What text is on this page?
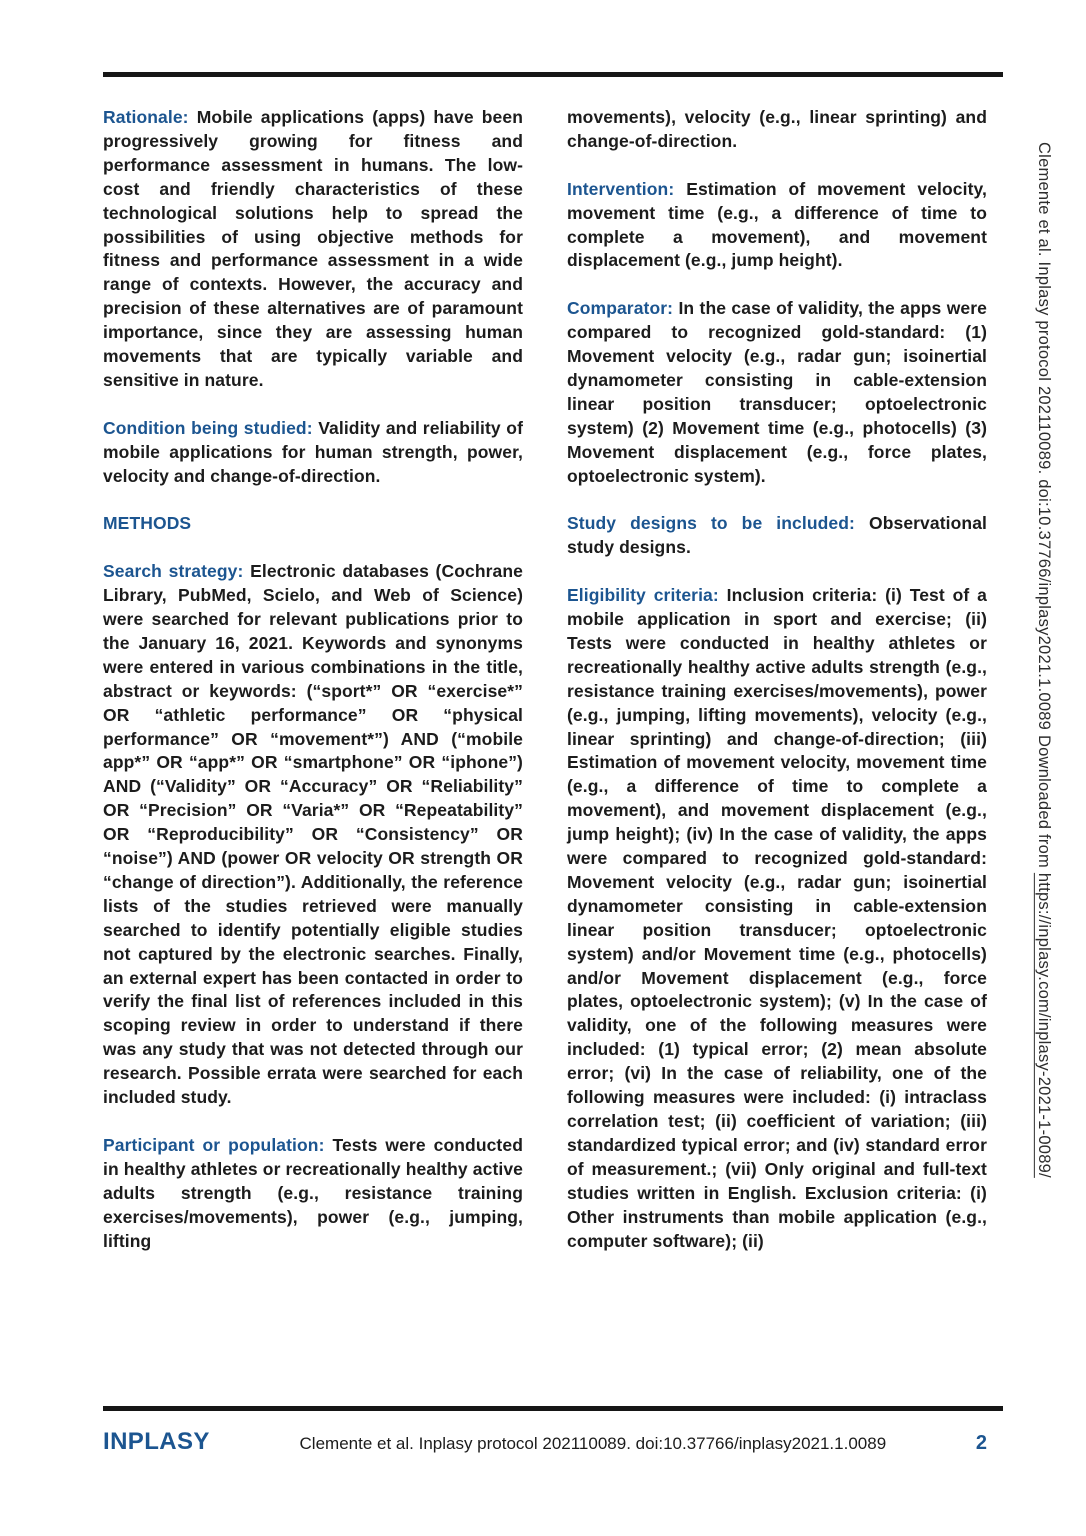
Rationale: Mobile applications (apps) have been progressively growing for fitness and performance assessment in humans. The low-cost and friendly characteristics of these technological solutions help to spread the possibilities of using objective methods for fitness and performance assessment in a wide range of contexts. However, the accuracy and precision of these alternatives are of paramount importance, since they are assessing human movements that are typically variable and sensitive in nature.

Condition being studied: Validity and reliability of mobile applications for human strength, power, velocity and change-of-direction.

METHODS

Search strategy: Electronic databases (Cochrane Library, PubMed, Scielo, and Web of Science) were searched for relevant publications prior to the January 16, 2021. Keywords and synonyms were entered in various combinations in the title, abstract or keywords: (“sport*” OR “exercise*” OR “athletic performance” OR “physical performance” OR “movement*”) AND (“mobile app*” OR “app*” OR “smartphone” OR “iphone”) AND (“Validity” OR “Accuracy” OR “Reliability” OR “Precision” OR “Varia*” OR “Repeatability” OR “Reproducibility” OR “Consistency” OR “noise”) AND (power OR velocity OR strength OR “change of direction”). Additionally, the reference lists of the studies retrieved were manually searched to identify potentially eligible studies not captured by the electronic searches. Finally, an external expert has been contacted in order to verify the final list of references included in this scoping review in order to understand if there was any study that was not detected through our research. Possible errata were searched for each included study.

Participant or population: Tests were conducted in healthy athletes or recreationally healthy active adults strength (e.g., resistance training exercises/movements), power (e.g., jumping, lifting

movements), velocity (e.g., linear sprinting) and change-of-direction.

Intervention: Estimation of movement velocity, movement time (e.g., a difference of time to complete a movement), and movement displacement (e.g., jump height).

Comparator: In the case of validity, the apps were compared to recognized gold-standard: (1) Movement velocity (e.g., radar gun; isoinertial dynamometer consisting in cable-extension linear position transducer; optoelectronic system) (2) Movement time (e.g., photocells) (3) Movement displacement (e.g., force plates, optoelectronic system).

Study designs to be included: Observational study designs.

Eligibility criteria: Inclusion criteria: (i) Test of a mobile application in sport and exercise; (ii) Tests were conducted in healthy athletes or recreationally healthy active adults strength (e.g., resistance training exercises/movements), power (e.g., jumping, lifting movements), velocity (e.g., linear sprinting) and change-of-direction; (iii) Estimation of movement velocity, movement time (e.g., a difference of time to complete a movement), and movement displacement (e.g., jump height); (iv) In the case of validity, the apps were compared to recognized gold-standard: Movement velocity (e.g., radar gun; isoinertial dynamometer consisting in cable-extension linear position transducer; optoelectronic system) and/or Movement time (e.g., photocells) and/or Movement displacement (e.g., force plates, optoelectronic system); (v) In the case of validity, one of the following measures were included: (1) typical error; (2) mean absolute error; (vi) In the case of reliability, one of the following measures were included: (i) intraclass correlation test; (ii) coefficient of variation; (iii) standardized typical error; and (iv) standard error of measurement.; (vii) Only original and full-text studies written in English. Exclusion criteria: (i) Other instruments than mobile application (e.g., computer software); (ii)

Clemente et al. Inplasy protocol 202110089. doi:10.37766/inplasy2021.1.0089 Downloaded from https://inplasy.com/inplasy-2021-1-0089/
INPLASY	Clemente et al. Inplasy protocol 202110089. doi:10.37766/inplasy2021.1.0089	2
